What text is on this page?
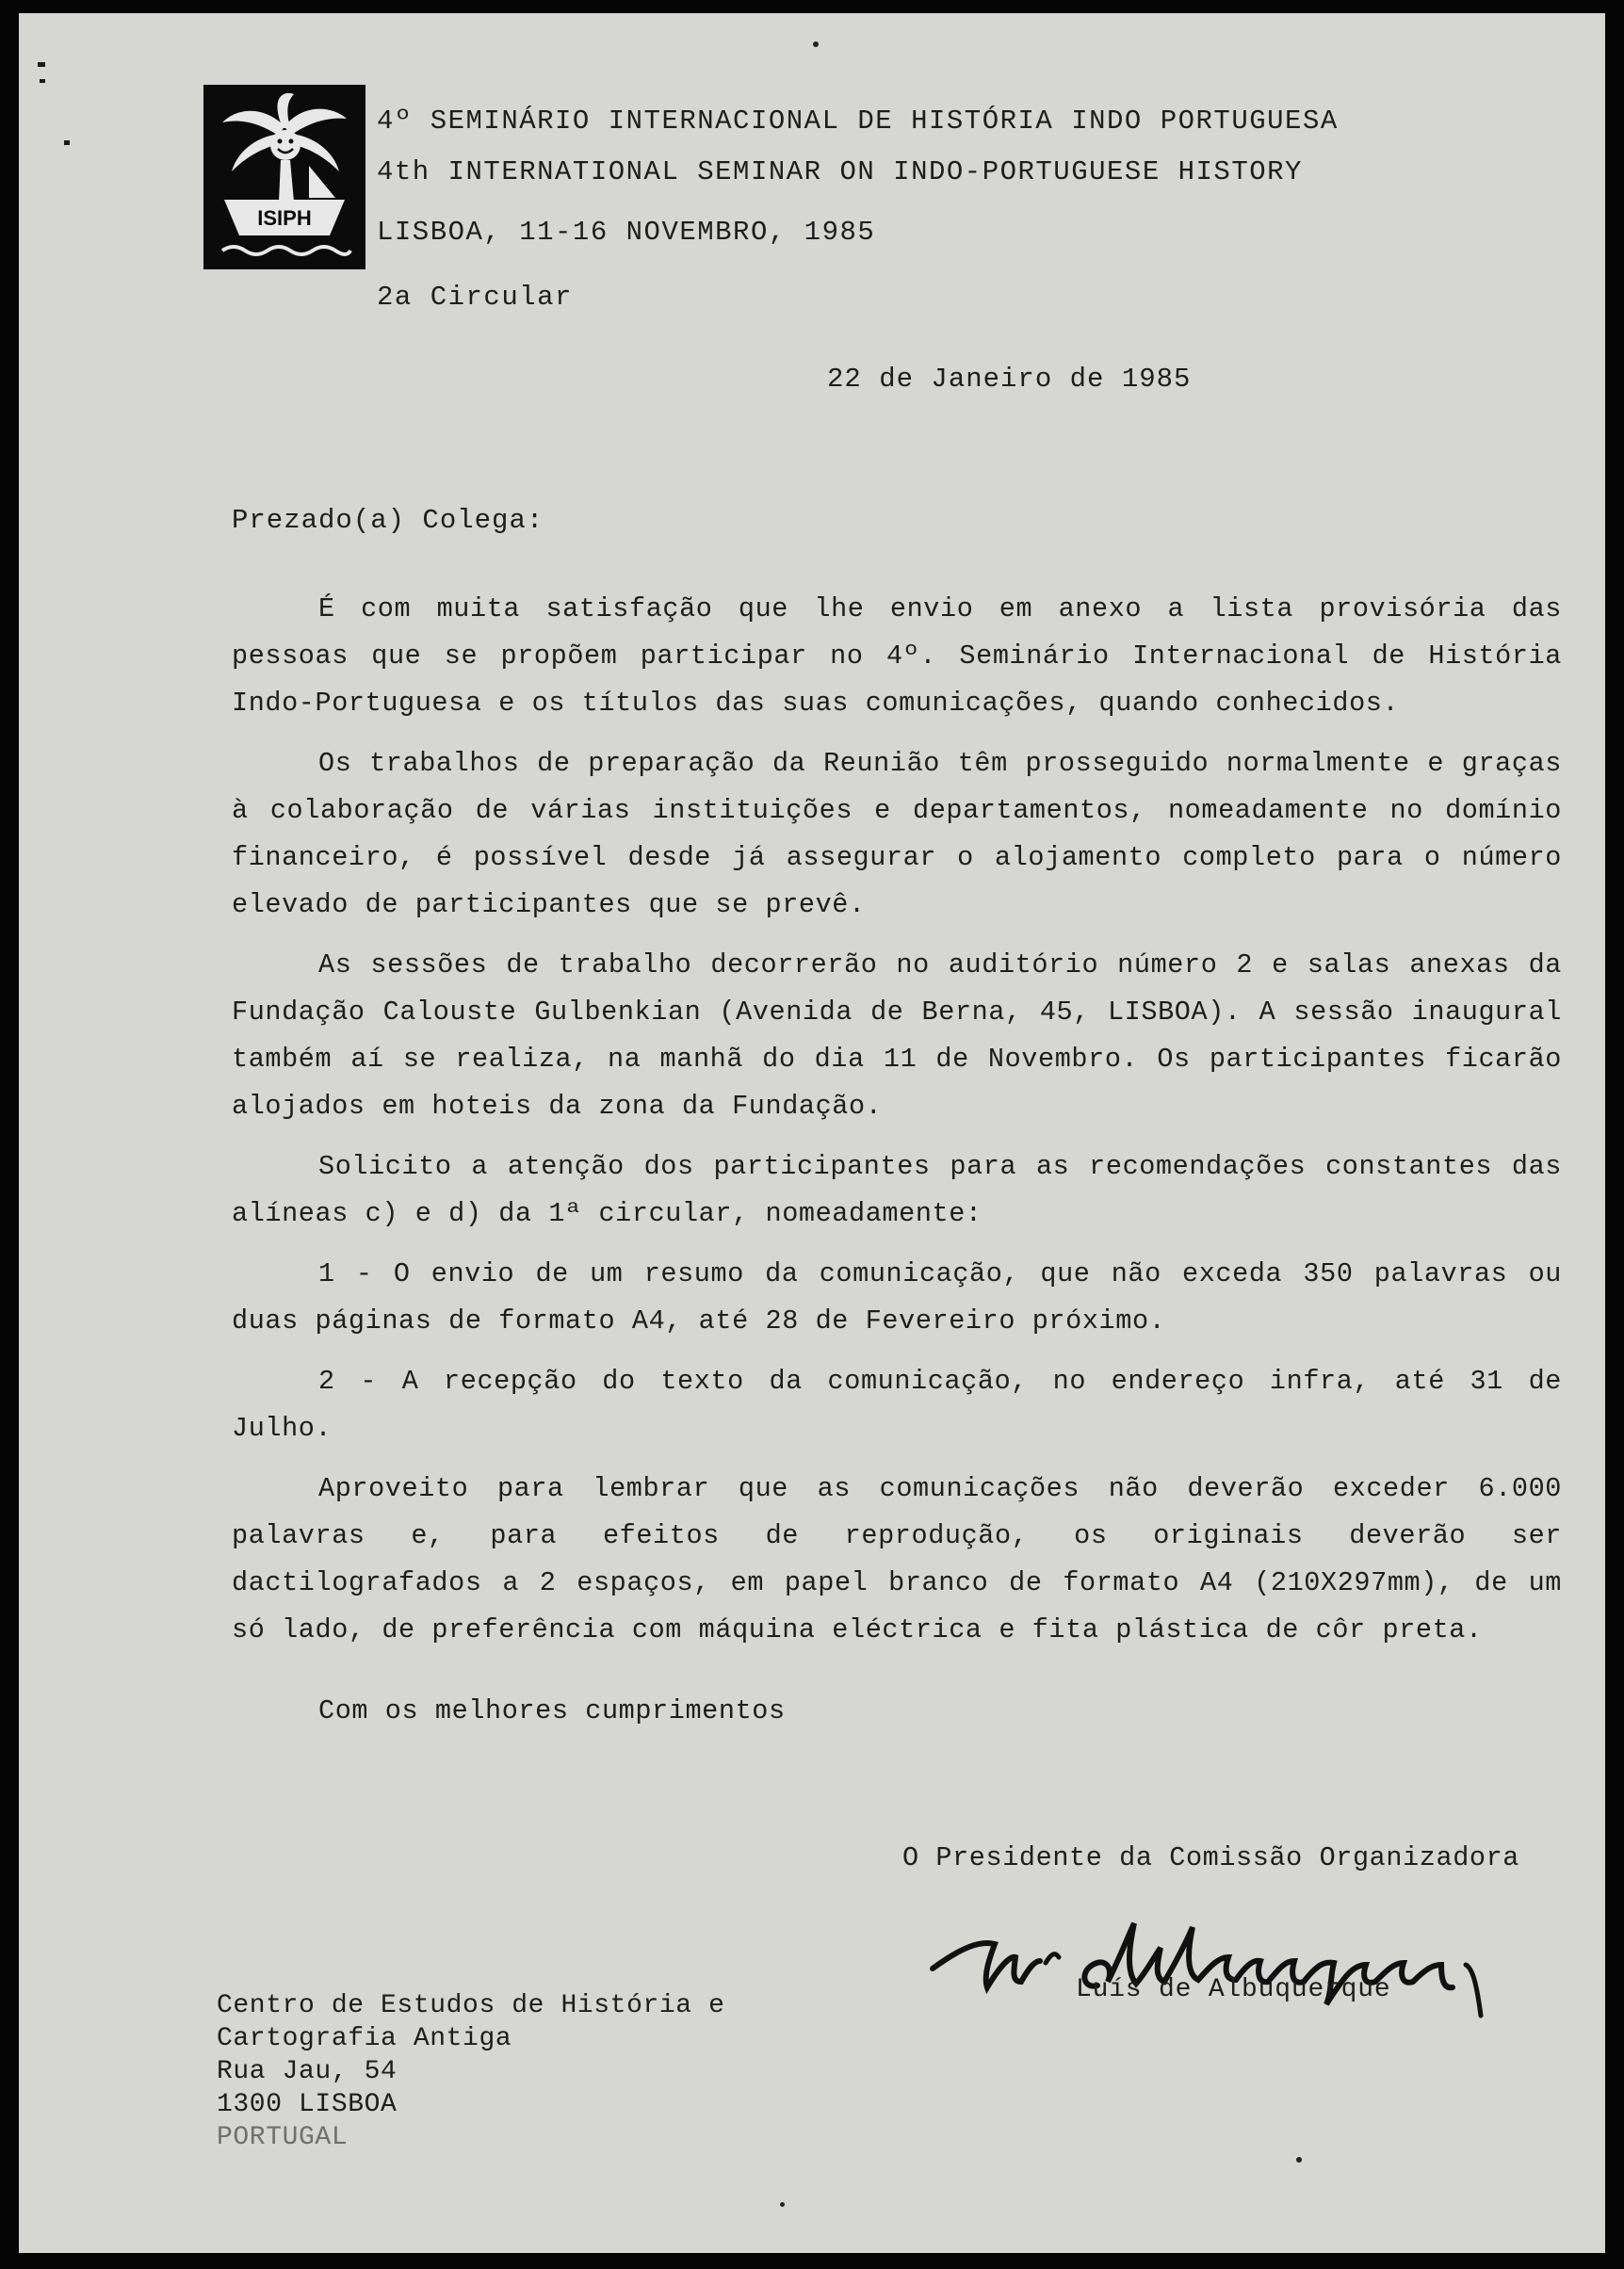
ISIPH
4º SEMINÁRIO INTERNACIONAL DE HISTÓRIA INDO PORTUGUESA
4th INTERNATIONAL SEMINAR ON INDO-PORTUGUESE HISTORY
LISBOA, 11-16 NOVEMBRO, 1985
2a Circular
22 de Janeiro de 1985
Prezado(a) Colega:

É com muita satisfação que lhe envio em anexo a lista provisória das pessoas que se propõem participar no 4º. Seminário Internacional de História Indo-Portuguesa e os títulos das suas comunicações, quando conhecidos.

Os trabalhos de preparação da Reunião têm prosseguido normalmente e graças à colaboração de várias instituições e departamentos, nomeadamente no domínio financeiro, é possível desde já assegurar o alojamento completo para o número elevado de participantes que se prevê.

As sessões de trabalho decorrerão no auditório número 2 e salas anexas da Fundação Calouste Gulbenkian (Avenida de Berna, 45, LISBOA). A sessão inaugural também aí se realiza, na manhã do dia 11 de Novembro. Os participantes ficarão alojados em hoteis da zona da Fundação.

Solicito a atenção dos participantes para as recomendações constantes das alíneas c) e d) da 1ª circular, nomeadamente:

1 - O envio de um resumo da comunicação, que não exceda 350 palavras ou duas páginas de formato A4, até 28 de Fevereiro próximo.

2 - A recepção do texto da comunicação, no endereço infra, até 31 de Julho.

Aproveito para lembrar que as comunicações não deverão exceder 6.000 palavras e, para efeitos de reprodução, os originais deverão ser dactilografados a 2 espaços, em papel branco de formato A4 (210X297mm), de um só lado, de preferência com máquina eléctrica e fita plástica de côr preta.

Com os melhores cumprimentos
O Presidente da Comissão Organizadora
Luís de Albuquerque
Centro de Estudos de História e
Cartografia Antiga
Rua Jau, 54
1300 LISBOA
PORTUGAL
